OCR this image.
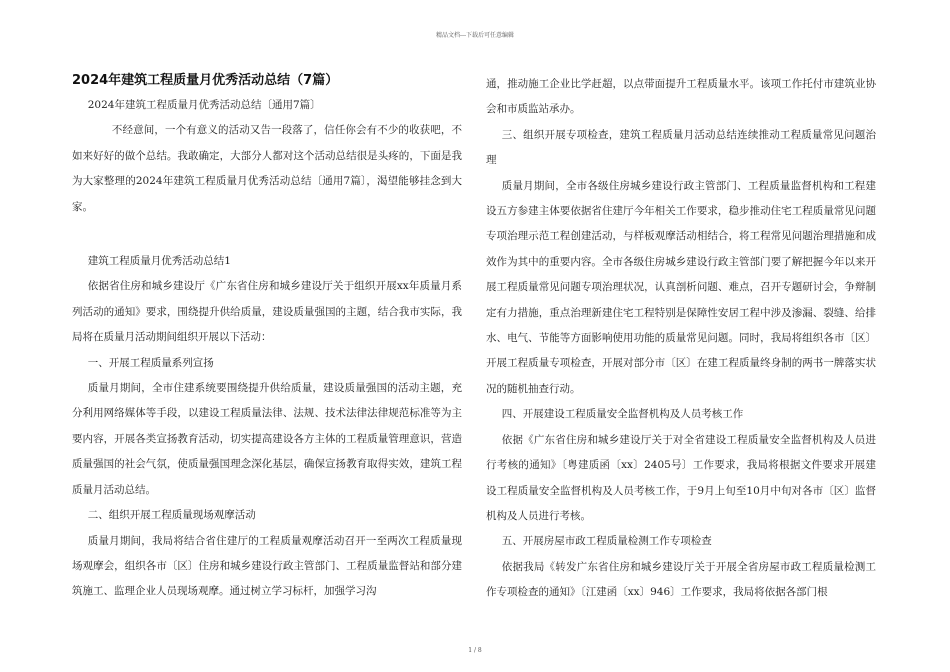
精品文档---下载后可任意编辑
2024年建筑工程质量月优秀活动总结（7篇）

2024年建筑工程质量月优秀活动总结〔通用7篇〕

不经意间，一个有意义的活动又告一段落了，信任你会有不少的收获吧，不如来好好的做个总结。我敢确定，大部分人都对这个活动总结很是头疼的，下面是我为大家整理的2024年建筑工程质量月优秀活动总结〔通用7篇〕，渴望能够挂念到大家。

建筑工程质量月优秀活动总结1

依据省住房和城乡建设厅《广东省住房和城乡建设厅关于组织开展xx年质量月系列活动的通知》要求，围绕提升供给质量，建设质量强国的主题，结合我市实际，我局将在质量月活动期间组织开展以下活动：

一、开展工程质量系列宣扬

质量月期间，全市住建系统要围绕提升供给质量，建设质量强国的活动主题，充分利用网络媒体等手段，以建设工程质量法律、法规、技术法律法律规范标准等为主要内容，开展各类宣扬教育活动，切实提高建设各方主体的工程质量管理意识，营造质量强国的社会气氛，使质量强国理念深化基层，确保宣扬教育取得实效，建筑工程质量月活动总结。

二、组织开展工程质量现场观摩活动

质量月期间，我局将结合省住建厅的工程质量观摩活动召开一至两次工程质量现场观摩会，组织各市〔区〕住房和城乡建设行政主管部门、工程质量监督站和部分建筑施工、监理企业人员现场观摩。通过树立学习标杆，加强学习沟

通，推动施工企业比学赶超，以点带面提升工程质量水平。该项工作托付市建筑业协会和市质监站承办。

三、组织开展专项检查，建筑工程质量月活动总结连续推动工程质量常见问题治理

质量月期间，全市各级住房城乡建设行政主管部门、工程质量监督机构和工程建设五方参建主体要依据省住建厅今年相关工作要求，稳步推动住宅工程质量常见问题专项治理示范工程创建活动，与样板观摩活动相结合，将工程常见问题治理措施和成效作为其中的重要内容。全市各级住房城乡建设行政主管部门要了解把握今年以来开展工程质量常见问题专项治理状况，认真剖析问题、难点，召开专题研讨会，争辩制定有力措施，重点治理新建住宅工程特别是保障性安居工程中涉及渗漏、裂缝、给排水、电气、节能等方面影响使用功能的质量常见问题。同时，我局将组织各市〔区〕开展工程质量专项检查，开展对部分市〔区〕在建工程质量终身制的两书一牌落实状况的随机抽查行动。

四、开展建设工程质量安全监督机构及人员考核工作

依据《广东省住房和城乡建设厅关于对全省建设工程质量安全监督机构及人员进行考核的通知》〔粤建质函〔xx〕2405号〕工作要求，我局将根据文件要求开展建设工程质量安全监督机构及人员考核工作，于9月上旬至10月中旬对各市〔区〕监督机构及人员进行考核。

五、开展房屋市政工程质量检测工作专项检查

依据我局《转发广东省住房和城乡建设厅关于开展全省房屋市政工程质量检测工作专项检查的通知》〔江建函〔xx〕946〕工作要求，我局将依据各部门根

1 / 8
